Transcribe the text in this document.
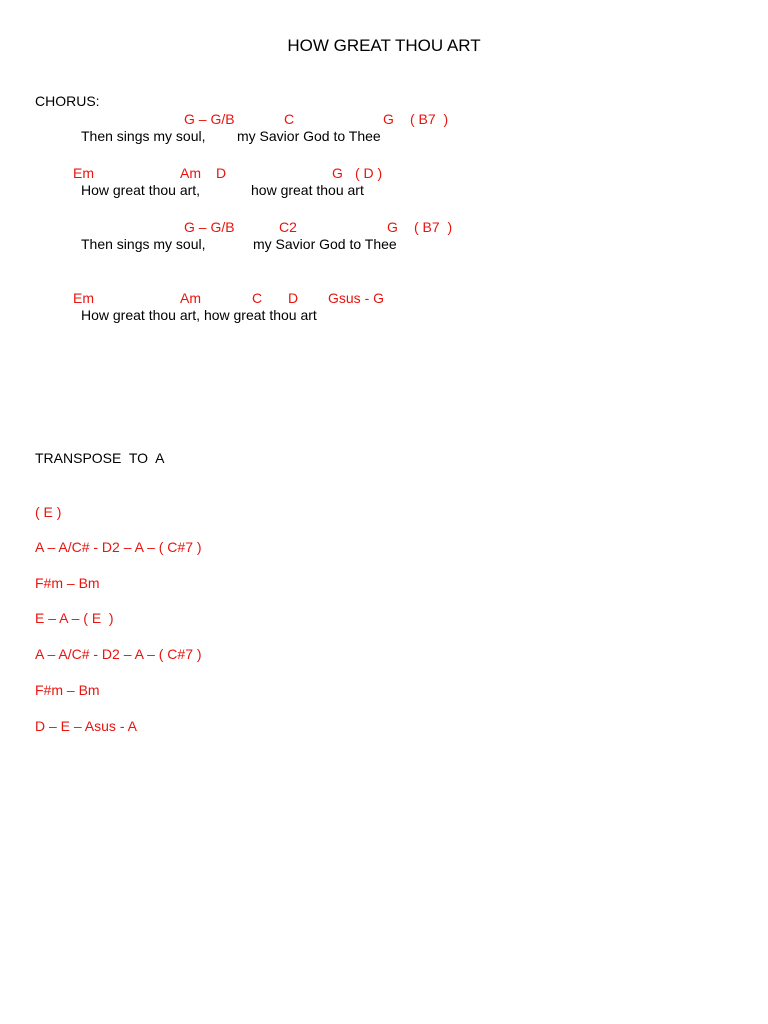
HOW GREAT THOU ART
CHORUS:
G – G/B	C	G ( B7  )
Then sings my soul, my Savior God to Thee
Em	Am D	G ( D )
How great thou art,	how great thou art
G – G/B	C2	G ( B7  )
Then sings my soul,	my Savior God to Thee
Em	Am	C D Gsus - G
How great thou art, how great thou art
TRANSPOSE  TO  A
( E )
A – A/C# - D2 – A – ( C#7 )
F#m – Bm
E – A – ( E  )
A – A/C# - D2 – A – ( C#7 )
F#m – Bm
D – E – Asus - A
